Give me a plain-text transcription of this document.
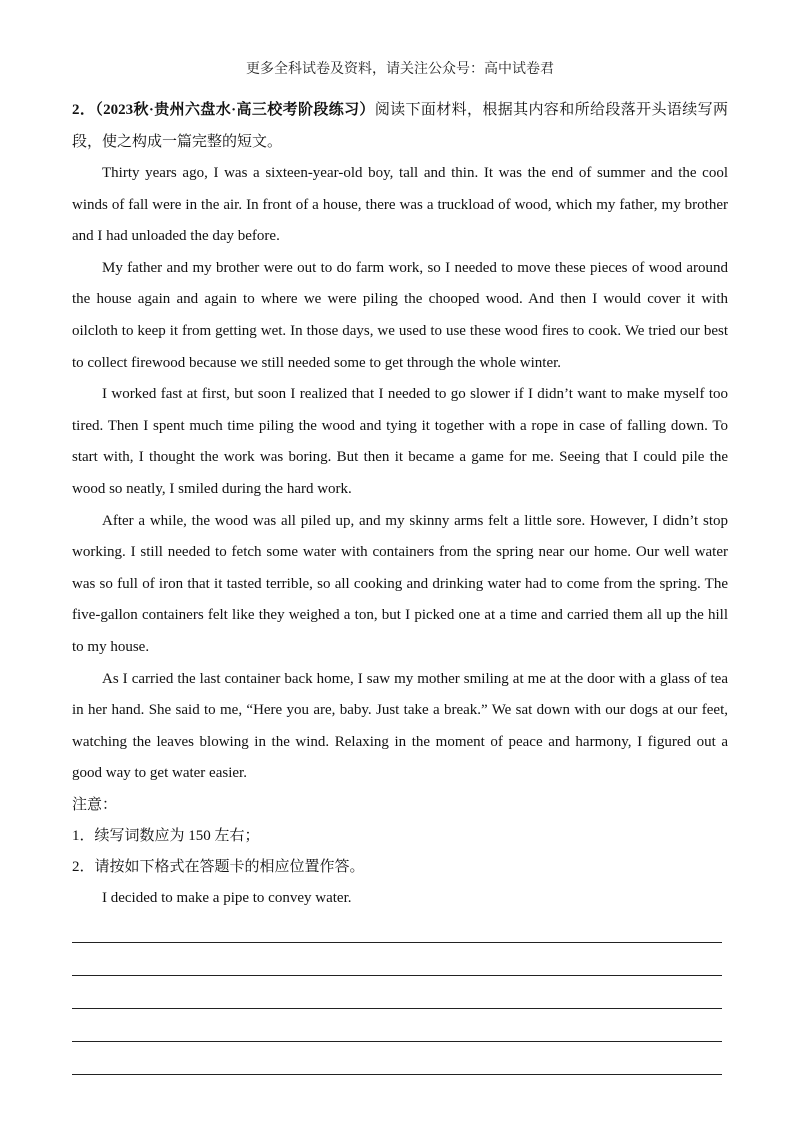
更多全科试卷及资料，请关注公众号：高中试卷君

2．（2023秋·贵州六盘水·高三校考阶段练习）阅读下面材料，根据其内容和所给段落开头语续写两段，使之构成一篇完整的短文。

Thirty years ago, I was a sixteen-year-old boy, tall and thin. It was the end of summer and the cool winds of fall were in the air. In front of a house, there was a truckload of wood, which my father, my brother and I had unloaded the day before.

My father and my brother were out to do farm work, so I needed to move these pieces of wood around the house again and again to where we were piling the chooped wood. And then I would cover it with oilcloth to keep it from getting wet. In those days, we used to use these wood fires to cook. We tried our best to collect firewood because we still needed some to get through the whole winter.

I worked fast at first, but soon I realized that I needed to go slower if I didn’t want to make myself too tired. Then I spent much time piling the wood and tying it together with a rope in case of falling down. To start with, I thought the work was boring. But then it became a game for me. Seeing that I could pile the wood so neatly, I smiled during the hard work.

After a while, the wood was all piled up, and my skinny arms felt a little sore. However, I didn’t stop working. I still needed to fetch some water with containers from the spring near our home. Our well water was so full of iron that it tasted terrible, so all cooking and drinking water had to come from the spring. The five-gallon containers felt like they weighed a ton, but I picked one at a time and carried them all up the hill to my house.

As I carried the last container back home, I saw my mother smiling at me at the door with a glass of tea in her hand. She said to me, “Here you are, baby. Just take a break.” We sat down with our dogs at our feet, watching the leaves blowing in the wind. Relaxing in the moment of peace and harmony, I figured out a good way to get water easier.

注意：

1．续写词数应为 150 左右；

2．请按如下格式在答题卡的相应位置作答。

I decided to make a pipe to convey water.
